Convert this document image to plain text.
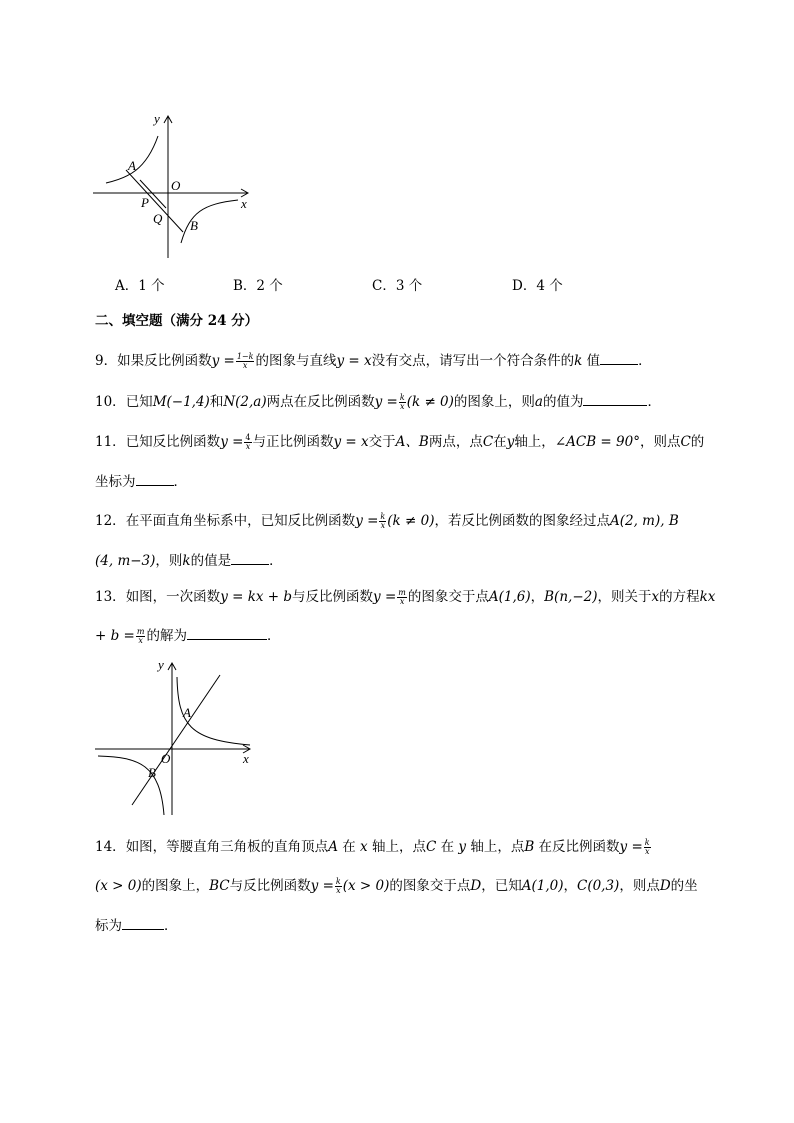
y
x
A
O
P
Q B
A．1 个	B．2 个	C．3 个	D．4 个
二、填空题（满分 24 分）
9．如果反比例函数$y = \frac{1-k}{x}$ 的图象与直线y = x没有交点，请写出一个符合条件的k 值	．
10．已知M(−1,4)和N(2,a)两点在反比例函数$y = \frac{k}{x} (k \ne 0)$的图象上，则a的值为	．
11．已知反比例函数$y = \frac{4}{x}$ 与正比例函数y = x交于A、B两点，点C在y轴上，∠ACB = 90°，则点C的
坐标为	．
12．在平面直角坐标系中，已知反比例函数$y = \frac{k}{x} (k \ne 0)$，若反比例函数的图象经过点A(2, m), B
(4, m−3)，则k的值是	．
13．如图，一次函数y = kx + b与反比例函数$y = \frac{m}{x}$ 的图象交于点A(1,6)，B(n,−2)，则关于x的方程kx
+ $b = \frac{m}{x}$ 的解为	．
y
x
A
O
B
14．如图，等腰直角三角板的直角顶点A 在 x 轴上，点C 在 y 轴上，点B 在反比例函数$y = \frac{k}{x}$
(x > 0)的图象上，BC与反比例函数$y = \frac{k}{x} (x > 0)$的图象交于点D，已知A(1,0)，C(0,3)，则点D的坐
标为	．
